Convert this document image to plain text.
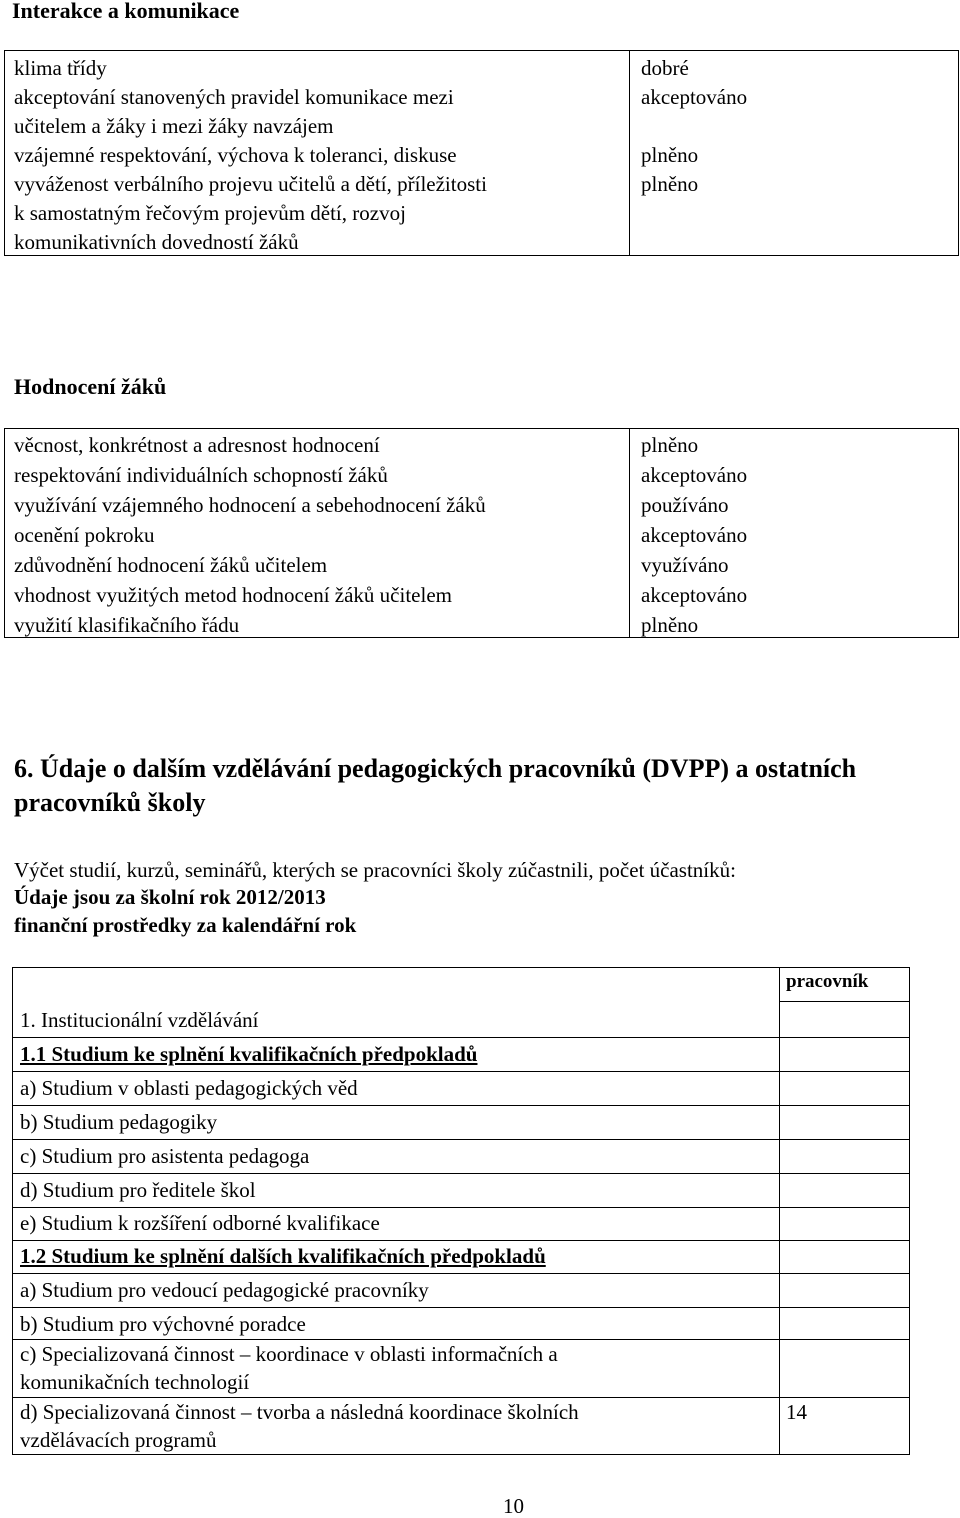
Interakce a komunikace
klima třídy
akceptování stanovených pravidel komunikace mezi
učitelem a žáky i mezi žáky navzájem
vzájemné respektování, výchova k toleranci, diskuse
vyváženost verbálního projevu učitelů a dětí, příležitosti
k samostatným řečovým projevům dětí, rozvoj
komunikativních dovedností žáků
dobré
akceptováno
plněno
plněno
Hodnocení žáků
věcnost, konkrétnost a adresnost hodnocení
respektování individuálních schopností žáků
využívání vzájemného hodnocení a sebehodnocení žáků
ocenění pokroku
zdůvodnění hodnocení žáků učitelem
vhodnost využitých metod hodnocení žáků učitelem
využití klasifikačního řádu
plněno
akceptováno
používáno
akceptováno
využíváno
akceptováno
plněno
6. Údaje o dalším vzdělávání pedagogických pracovníků (DVPP) a ostatních
pracovníků školy
Výčet studií, kurzů, seminářů, kterých se pracovníci školy zúčastnili, počet účastníků:
Údaje jsou za školní rok 2012/2013
finanční prostředky za kalendářní rok
pracovník
1. Institucionální vzdělávání
1.1 Studium ke splnění kvalifikačních předpokladů
a) Studium v oblasti pedagogických věd
b) Studium pedagogiky
c) Studium pro asistenta pedagoga
d) Studium pro ředitele škol
e) Studium k rozšíření odborné kvalifikace
1.2 Studium ke splnění dalších kvalifikačních předpokladů
a) Studium pro vedoucí pedagogické pracovníky
b) Studium pro výchovné poradce
c) Specializovaná činnost – koordinace v oblasti informačních a
komunikačních technologií
d) Specializovaná činnost – tvorba a následná koordinace školních
vzdělávacích programů
14
10
